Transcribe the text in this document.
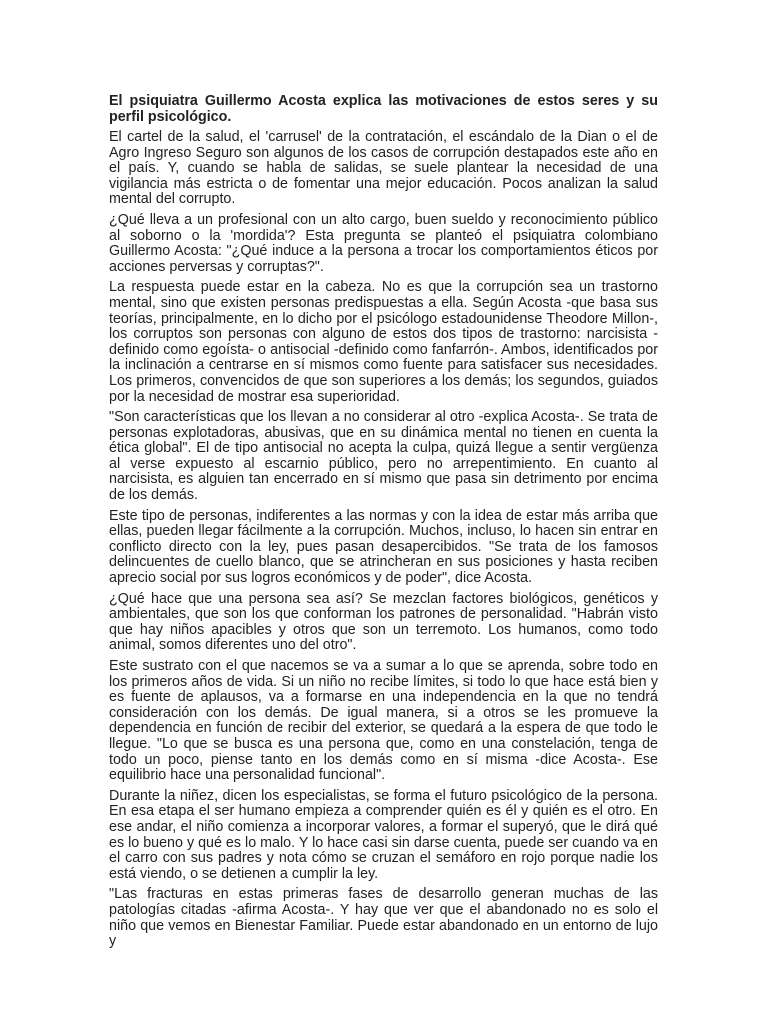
El psiquiatra Guillermo Acosta explica las motivaciones de estos seres y su perfil psicológico.

El cartel de la salud, el 'carrusel' de la contratación, el escándalo de la Dian o el de Agro Ingreso Seguro son algunos de los casos de corrupción destapados este año en el país. Y, cuando se habla de salidas, se suele plantear la necesidad de una vigilancia más estricta o de fomentar una mejor educación. Pocos analizan la salud mental del corrupto.

¿Qué lleva a un profesional con un alto cargo, buen sueldo y reconocimiento público al soborno o la 'mordida'? Esta pregunta se planteó el psiquiatra colombiano Guillermo Acosta: "¿Qué induce a la persona a trocar los comportamientos éticos por acciones perversas y corruptas?".

La respuesta puede estar en la cabeza. No es que la corrupción sea un trastorno mental, sino que existen personas predispuestas a ella. Según Acosta -que basa sus teorías, principalmente, en lo dicho por el psicólogo estadounidense Theodore Millon-, los corruptos son personas con alguno de estos dos tipos de trastorno: narcisista -definido como egoísta- o antisocial -definido como fanfarrón-. Ambos, identificados por la inclinación a centrarse en sí mismos como fuente para satisfacer sus necesidades. Los primeros, convencidos de que son superiores a los demás; los segundos, guiados por la necesidad de mostrar esa superioridad.

"Son características que los llevan a no considerar al otro -explica Acosta-. Se trata de personas explotadoras, abusivas, que en su dinámica mental no tienen en cuenta la ética global". El de tipo antisocial no acepta la culpa, quizá llegue a sentir vergüenza al verse expuesto al escarnio público, pero no arrepentimiento. En cuanto al narcisista, es alguien tan encerrado en sí mismo que pasa sin detrimento por encima de los demás.

Este tipo de personas, indiferentes a las normas y con la idea de estar más arriba que ellas, pueden llegar fácilmente a la corrupción. Muchos, incluso, lo hacen sin entrar en conflicto directo con la ley, pues pasan desapercibidos. "Se trata de los famosos delincuentes de cuello blanco, que se atrincheran en sus posiciones y hasta reciben aprecio social por sus logros económicos y de poder", dice Acosta.

¿Qué hace que una persona sea así? Se mezclan factores biológicos, genéticos y ambientales, que son los que conforman los patrones de personalidad. "Habrán visto que hay niños apacibles y otros que son un terremoto. Los humanos, como todo animal, somos diferentes uno del otro".

Este sustrato con el que nacemos se va a sumar a lo que se aprenda, sobre todo en los primeros años de vida. Si un niño no recibe límites, si todo lo que hace está bien y es fuente de aplausos, va a formarse en una independencia en la que no tendrá consideración con los demás. De igual manera, si a otros se les promueve la dependencia en función de recibir del exterior, se quedará a la espera de que todo le llegue. "Lo que se busca es una persona que, como en una constelación, tenga de todo un poco, piense tanto en los demás como en sí misma -dice Acosta-. Ese equilibrio hace una personalidad funcional".

Durante la niñez, dicen los especialistas, se forma el futuro psicológico de la persona. En esa etapa el ser humano empieza a comprender quién es él y quién es el otro. En ese andar, el niño comienza a incorporar valores, a formar el superyó, que le dirá qué es lo bueno y qué es lo malo. Y lo hace casi sin darse cuenta, puede ser cuando va en el carro con sus padres y nota cómo se cruzan el semáforo en rojo porque nadie los está viendo, o se detienen a cumplir la ley.

"Las fracturas en estas primeras fases de desarrollo generan muchas de las patologías citadas -afirma Acosta-. Y hay que ver que el abandonado no es solo el niño que vemos en Bienestar Familiar. Puede estar abandonado en un entorno de lujo y
